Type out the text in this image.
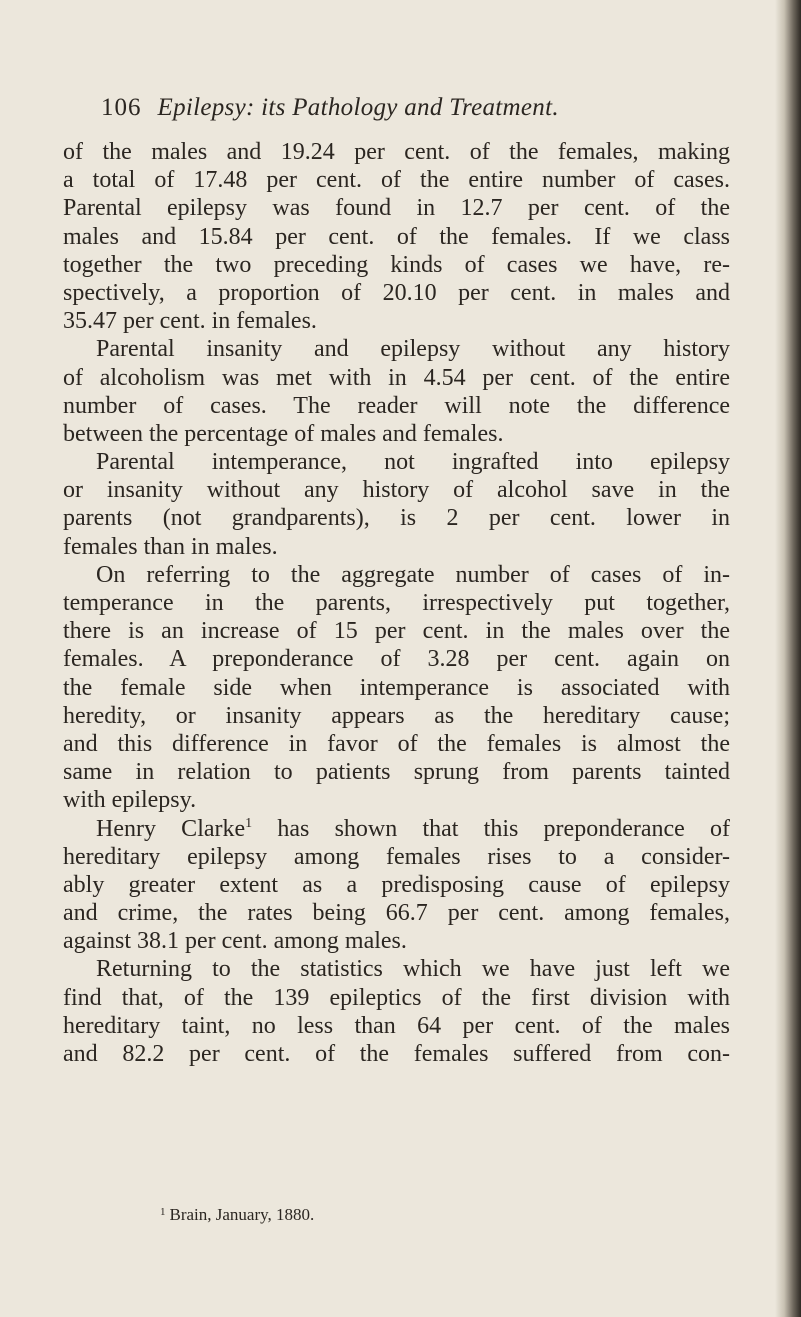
106 Epilepsy: its Pathology and Treatment.
of the males and 19.24 per cent. of the females, making
a total of 17.48 per cent. of the entire number of cases.
Parental epilepsy was found in 12.7 per cent. of the
males and 15.84 per cent. of the females. If we class
together the two preceding kinds of cases we have, re-
spectively, a proportion of 20.10 per cent. in males and
35.47 per cent. in females.
Parental insanity and epilepsy without any history
of alcoholism was met with in 4.54 per cent. of the entire
number of cases. The reader will note the difference
between the percentage of males and females.
Parental intemperance, not ingrafted into epilepsy
or insanity without any history of alcohol save in the
parents (not grandparents), is 2 per cent. lower in
females than in males.
On referring to the aggregate number of cases of in-
temperance in the parents, irrespectively put together,
there is an increase of 15 per cent. in the males over the
females. A preponderance of 3.28 per cent. again on
the female side when intemperance is associated with
heredity, or insanity appears as the hereditary cause;
and this difference in favor of the females is almost the
same in relation to patients sprung from parents tainted
with epilepsy.
Henry Clarke$^1$ has shown that this preponderance of
hereditary epilepsy among females rises to a consider-
ably greater extent as a predisposing cause of epilepsy
and crime, the rates being 66.7 per cent. among females,
against 38.1 per cent. among males.
Returning to the statistics which we have just left we
find that, of the 139 epileptics of the first division with
hereditary taint, no less than 64 per cent. of the males
and 82.2 per cent. of the females suffered from con-
$^1$ Brain, January, 1880.
